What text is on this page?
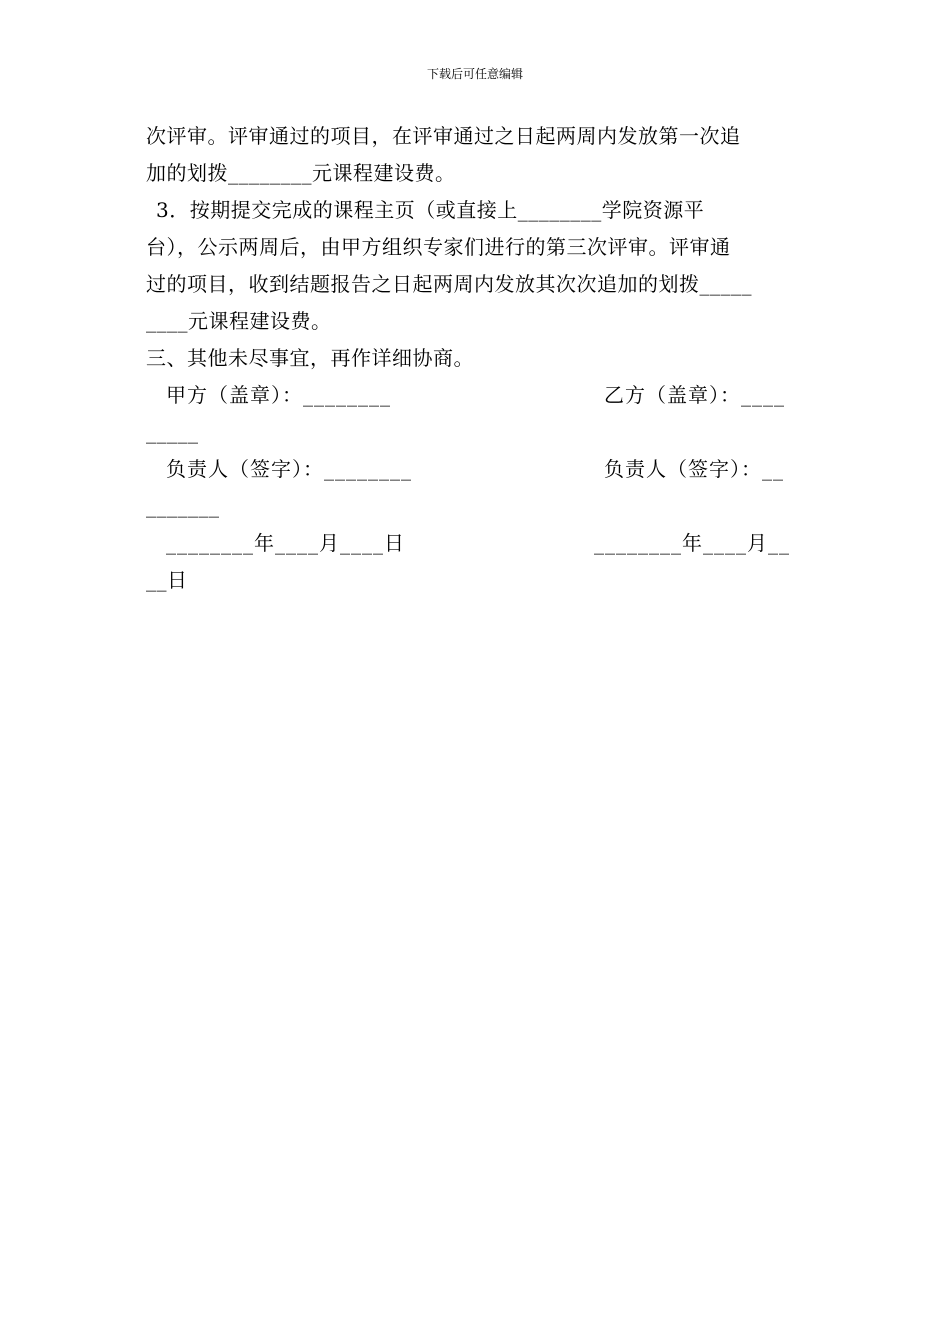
下载后可任意编辑
次评审。评审通过的项目，在评审通过之日起两周内发放第一次追
加的划拨________元课程建设费。
3．按期提交完成的课程主页（或直接上________学院资源平
台），公示两周后，由甲方组织专家们进行的第三次评审。评审通
过的项目，收到结题报告之日起两周内发放其次次追加的划拨_____
____元课程建设费。
三、其他未尽事宜，再作详细协商。
甲方（盖章）：________	乙方（盖章）：____
_____
负责人（签字）：________	负责人（签字）：__
_______
________年____月____日	________年____月__
__日
